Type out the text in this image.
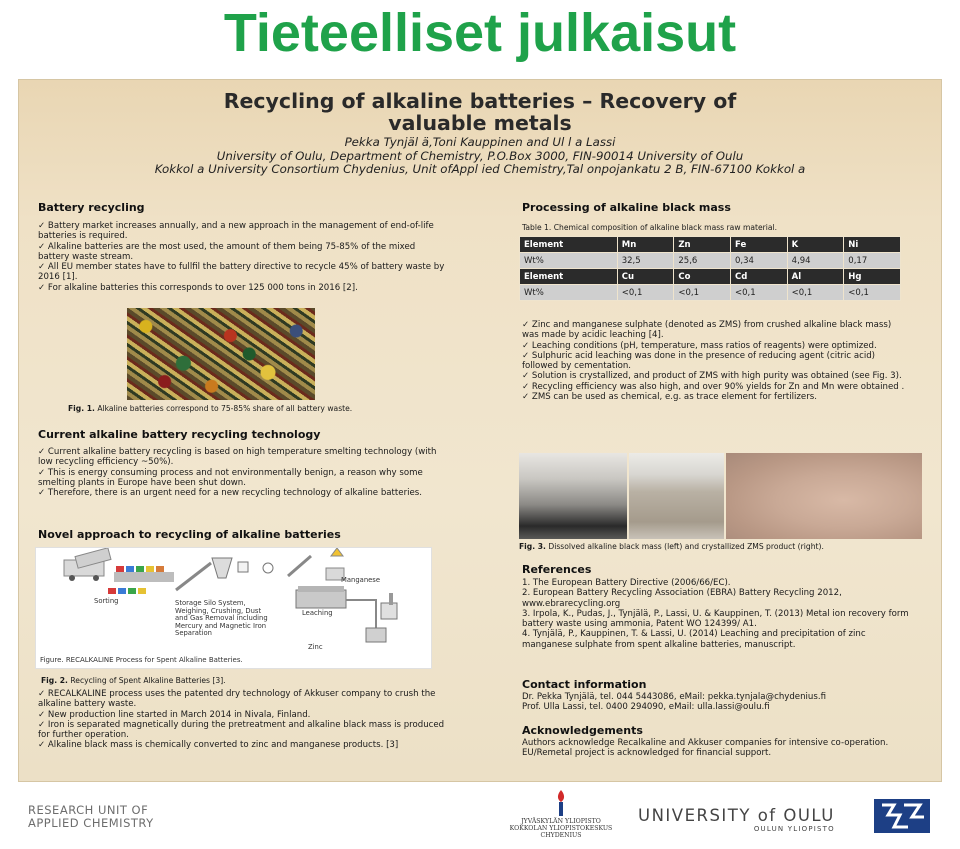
Tieteelliset julkaisut
Recycling of alkaline batteries – Recovery of
valuable metals
Pekka Tynjäl ä,Toni Kauppinen and Ul l a Lassi
University of Oulu, Department of Chemistry, P.O.Box 3000, FIN-90014 University of Oulu
Kokkol a University Consortium Chydenius, Unit ofAppl ied Chemistry,Tal onpojankatu 2 B, FIN-67100 Kokkol a
Battery recycling

✓ Battery market increases annually, and a new approach in the management of end-of-life batteries is required.

✓ Alkaline batteries are the most used, the amount of them being 75-85% of the mixed battery waste stream.

✓ All EU member states have to fullfil the battery directive to recycle 45% of battery waste by 2016 [1].

✓ For alkaline batteries this corresponds to over 125 000 tons in 2016 [2].

Fig. 1. Alkaline batteries correspond to 75-85% share of all battery waste.
Current alkaline battery recycling technology

✓ Current alkaline battery recycling is based on high temperature smelting technology (with low recycling efficiency ~50%).

✓ This is energy consuming process and not environmentally benign, a reason why some smelting plants in Europe have been shut down.

✓ Therefore, there is an urgent need for a new recycling technology of alkaline batteries.

Novel approach to recycling of alkaline batteries
Sorting	Storage Silo System, Weighing, Crushing, Dust and Gas Removal including Mercury and Magnetic Iron Separation
Manganese
Leaching
Zinc
Figure. RECALKALINE Process for Spent Alkaline Batteries.
Fig. 2. Recycling of Spent Alkaline Batteries [3].

✓ RECALKALINE process uses the patented dry technology of Akkuser company to crush the alkaline battery waste.

✓ New production line started in March 2014 in Nivala, Finland.

✓ Iron is separated magnetically during the pretreatment and alkaline black mass is produced for further operation.

✓ Alkaline black mass is chemically converted to zinc and manganese products. [3]

Processing of alkaline black mass
Table 1. Chemical composition of alkaline black mass raw material.
Element	Mn	Zn	Fe	K	Ni
Wt%	32,5	25,6	0,34	4,94	0,17
Element	Cu	Co	Cd	Al	Hg
Wt%	<0,1	<0,1	<0,1	<0,1	<0,1

✓ Zinc and manganese sulphate (denoted as ZMS) from crushed alkaline black mass) was made by acidic leaching [4].

✓ Leaching conditions (pH, temperature, mass ratios of reagents) were optimized.

✓ Sulphuric acid leaching was done in the presence of reducing agent (citric acid) followed by cementation.

✓ Solution is crystallized, and product of ZMS with high purity was obtained (see Fig. 3).

✓ Recycling efficiency was also high, and over 90% yields for Zn and Mn were obtained .

✓ ZMS can be used as chemical, e.g. as trace element for fertilizers.

Fig. 3. Dissolved alkaline black mass (left) and crystallized ZMS product (right).
References

1. The European Battery Directive (2006/66/EC).

2. European Battery Recycling Association (EBRA) Battery Recycling 2012, www.ebrarecycling.org

3. Irpola, K., Pudas, J., Tynjälä, P., Lassi, U. & Kauppinen, T. (2013) Metal ion recovery form battery waste using ammonia, Patent WO 124399/ A1.

4. Tynjälä, P., Kauppinen, T. & Lassi, U. (2014) Leaching and precipitation of zinc manganese sulphate from spent alkaline batteries, manuscript.

Contact information

Dr. Pekka Tynjälä, tel. 044 5443086, eMail: pekka.tynjala@chydenius.fi

Prof. Ulla Lassi, tel. 0400 294090, eMail: ulla.lassi@oulu.fi

Acknowledgements

Authors acknowledge Recalkaline and Akkuser companies for intensive co-operation. EU/Remetal project is acknowledged for financial support.

RESEARCH UNIT OF
APPLIED CHEMISTRY	JYVÄSKYLÄN YLIOPISTO
KOKKOLAN YLIOPISTOKESKUS
CHYDENIUS
UNIVERSITY of OULU
OULUN YLIOPISTO
